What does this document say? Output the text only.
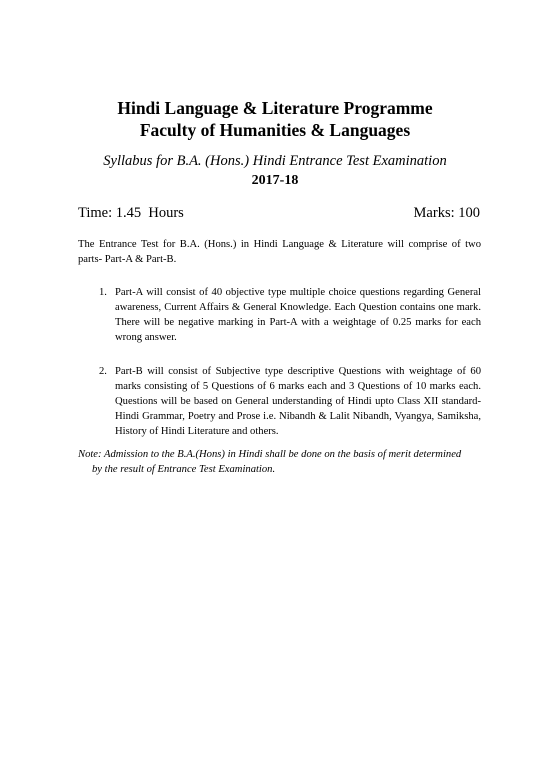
Hindi Language & Literature Programme
Faculty of Humanities & Languages
Syllabus for B.A. (Hons.) Hindi Entrance Test Examination
2017-18
Time: 1.45  Hours	Marks: 100
The Entrance Test for B.A. (Hons.) in Hindi Language & Literature will comprise of two parts- Part-A & Part-B.
1. Part-A will consist of 40 objective type multiple choice questions regarding General awareness, Current Affairs & General Knowledge. Each Question contains one mark. There will be negative marking in Part-A with a weightage of 0.25 marks for each wrong answer.
2. Part-B will consist of Subjective type descriptive Questions with weightage of 60 marks consisting of 5 Questions of 6 marks each and 3 Questions of 10 marks each. Questions will be based on General understanding of Hindi upto Class XII standard-Hindi Grammar, Poetry and Prose i.e. Nibandh & Lalit Nibandh, Vyangya, Samiksha, History of Hindi Literature and others.
Note: Admission to the B.A.(Hons) in Hindi shall be done on the basis of merit determined
by the result of Entrance Test Examination.
